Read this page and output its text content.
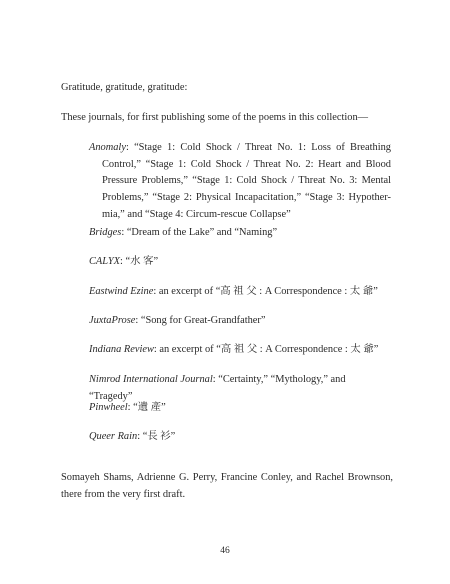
Gratitude, gratitude, gratitude:

These journals, for first publishing some of the poems in this collection—

Anomaly: “Stage 1: Cold Shock / Threat No. 1: Loss of Breathing Control,” “Stage 1: Cold Shock / Threat No. 2: Heart and Blood Pressure Problems,” “Stage 1: Cold Shock / Threat No. 3: Mental Problems,” “Stage 2: Physical Incapacitation,” “Stage 3: Hypother- mia,” and “Stage 4: Circum-rescue Collapse”

Bridges: “Dream of the Lake” and “Naming”

CALYX: “水 客”

Eastwind Ezine: an excerpt of “高 祖 父 : A Correspondence : 太 爺”

JuxtaProse: “Song for Great-Grandfather”

Indiana Review: an excerpt of “高 祖 父 : A Correspondence : 太 爺”

Nimrod International Journal: “Certainty,” “Mythology,” and “Tragedy”

Pinwheel: “遺 產”

Queer Rain: “長 衫”

Somayeh Shams, Adrienne G. Perry, Francine Conley, and Rachel Brownson, there from the very first draft.

46
